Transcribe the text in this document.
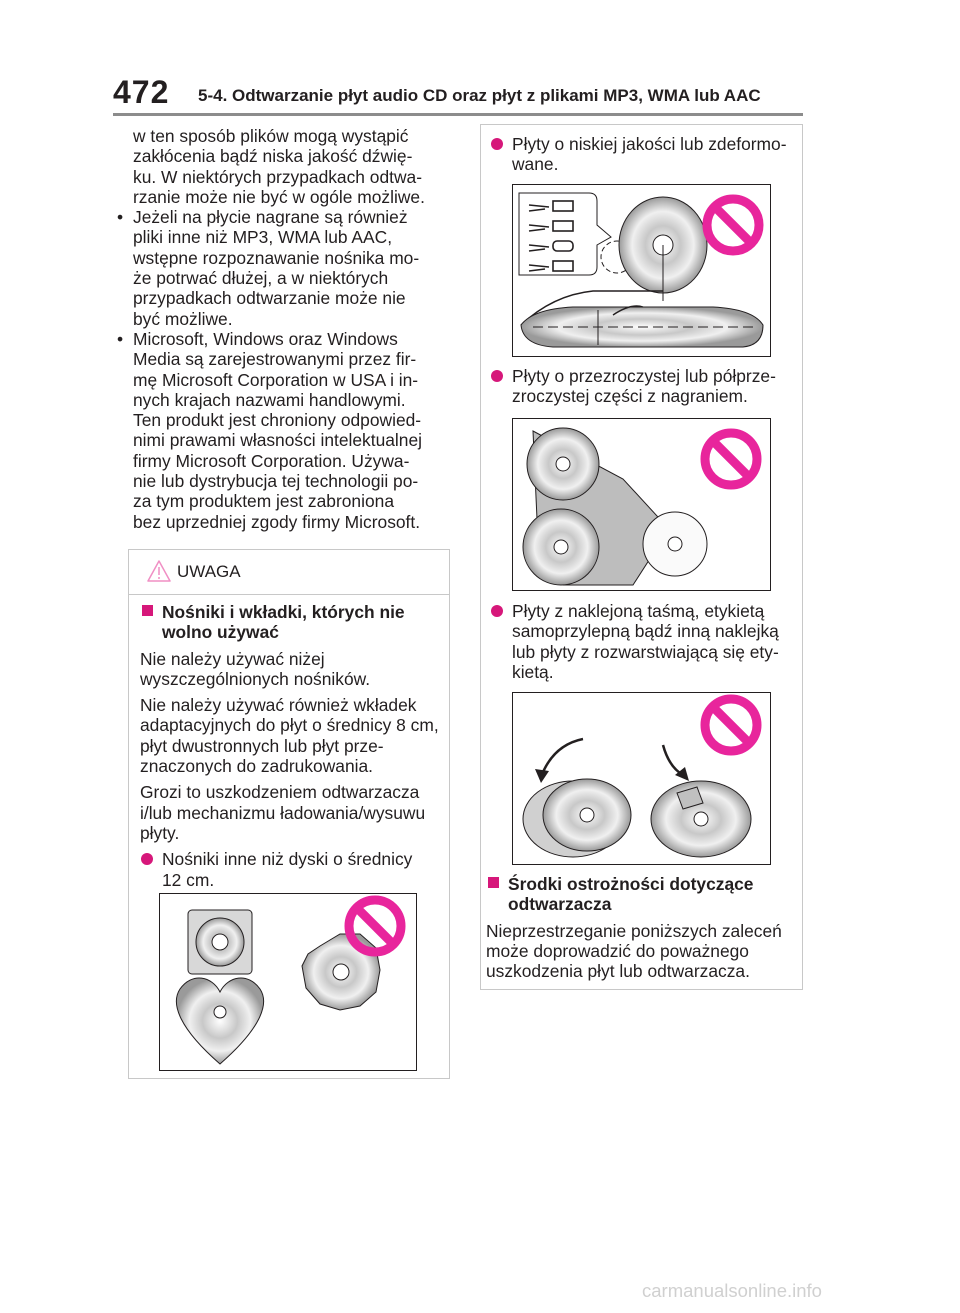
472 5-4. Odtwarzanie płyt audio CD oraz płyt z plikami MP3, WMA lub AAC
w ten sposób plików mogą wystąpić
zakłócenia bądź niska jakość dźwię-
ku. W niektórych przypadkach odtwa-
rzanie może nie być w ogóle możliwe.
• Jeżeli na płycie nagrane są również
pliki inne niż MP3, WMA lub AAC,
wstępne rozpoznawanie nośnika mo-
że potrwać dłużej, a w niektórych
przypadkach odtwarzanie może nie
być możliwe.
• Microsoft, Windows oraz Windows
Media są zarejestrowanymi przez fir-
mę Microsoft Corporation w USA i in-
nych krajach nazwami handlowymi.
Ten produkt jest chroniony odpowied-
nimi prawami własności intelektualnej
firmy Microsoft Corporation. Używa-
nie lub dystrybucja tej technologii po-
za tym produktem jest zabroniona
bez uprzedniej zgody firmy Microsoft.
UWAGA
Nośniki i wkładki, których nie
wolno używać
Nie należy używać niżej wyszczególnionych nośników.
Nie należy używać również wkładek adaptacyjnych do płyt o średnicy 8 cm, płyt dwustronnych lub płyt prze- znaczonych do zadrukowania.
Grozi to uszkodzeniem odtwarzacza i/lub mechanizmu ładowania/wysuwu płyty.
Nośniki inne niż dyski o średnicy
12 cm.
Płyty o niskiej jakości lub zdeformo-
wane.
Płyty o przezroczystej lub półprze-
zroczystej części z nagraniem.
Płyty z naklejoną taśmą, etykietą
samoprzylepną bądź inną naklejką
lub płyty z rozwarstwiającą się ety-
kietą.
Środki ostrożności dotyczące
odtwarzacza
Nieprzestrzeganie poniższych zaleceń
może doprowadzić do poważnego
uszkodzenia płyt lub odtwarzacza.
carmanualsonline.info
